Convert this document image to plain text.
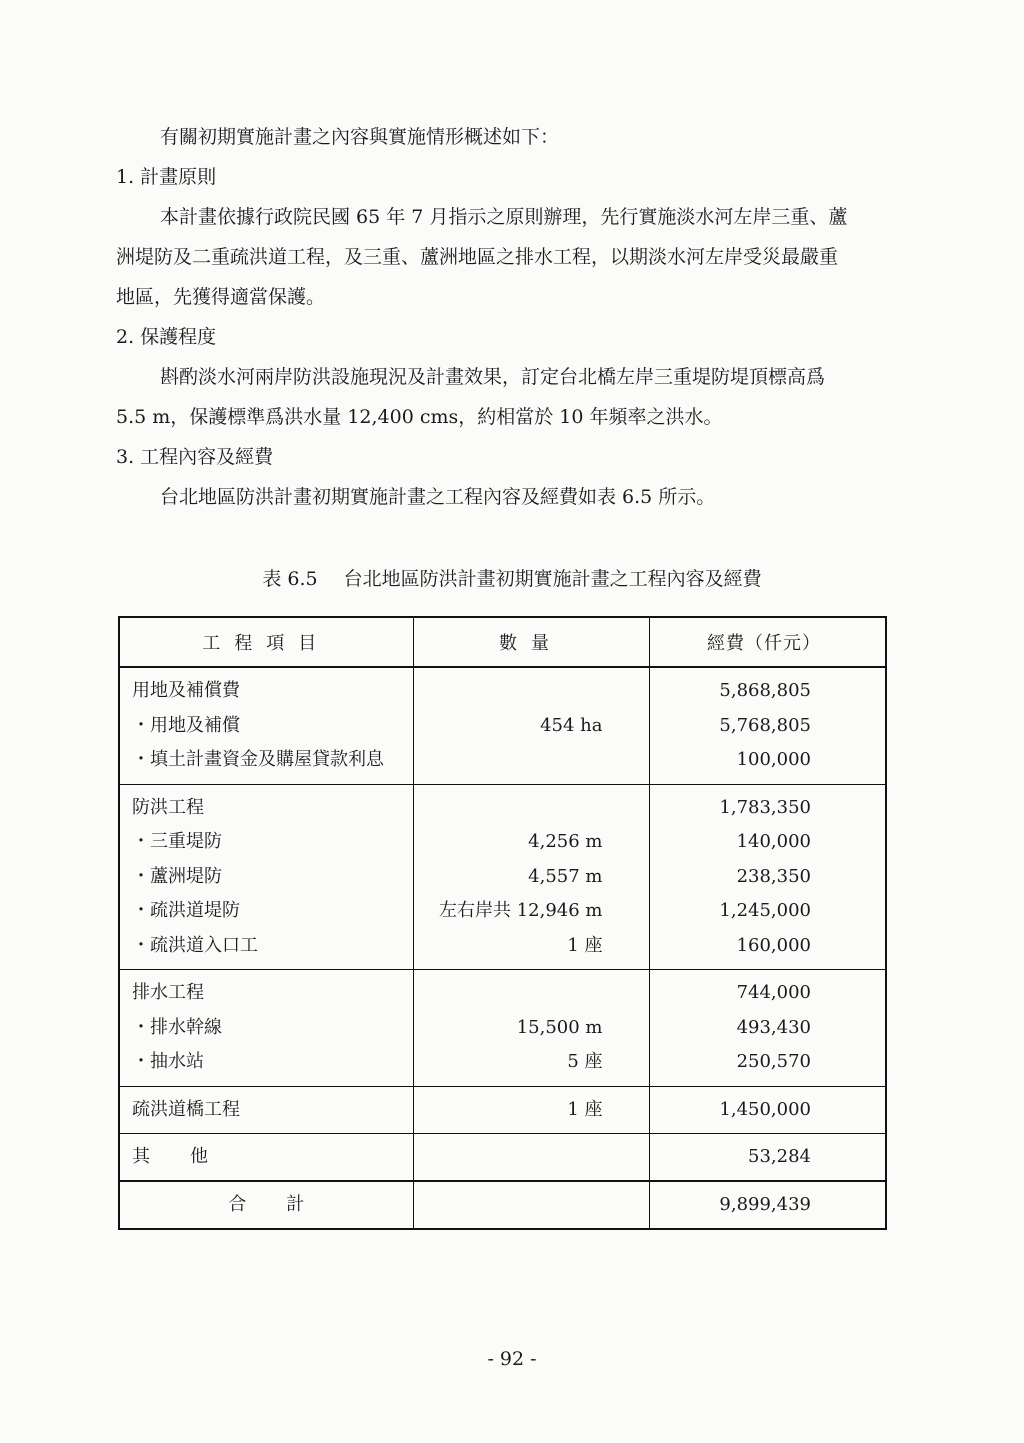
有關初期實施計畫之內容與實施情形概述如下：
1. 計畫原則
本計畫依據行政院民國 65 年 7 月指示之原則辦理，先行實施淡水河左岸三重、蘆
洲堤防及二重疏洪道工程，及三重、蘆洲地區之排水工程，以期淡水河左岸受災最嚴重
地區，先獲得適當保護。
2. 保護程度
斟酌淡水河兩岸防洪設施現況及計畫效果，訂定台北橋左岸三重堤防堤頂標高爲
5.5 m，保護標準爲洪水量 12,400 cms，約相當於 10 年頻率之洪水。
3. 工程內容及經費
台北地區防洪計畫初期實施計畫之工程內容及經費如表 6.5 所示。
表 6.5 台北地區防洪計畫初期實施計畫之工程內容及經費
工程項目	數量	經費（仟元）
用地及補償費		5,868,805
・用地及補償	454 ha	5,768,805
・填土計畫資金及購屋貸款利息		100,000
防洪工程		1,783,350
・三重堤防	4,256 m	140,000
・蘆洲堤防	4,557 m	238,350
・疏洪道堤防	左右岸共 12,946 m	1,245,000
・疏洪道入口工	1 座	160,000
排水工程		744,000
・排水幹線	15,500 m	493,430
・抽水站	5 座	250,570
疏洪道橋工程	1 座	1,450,000
其他		53,284
合計		9,899,439
- 92 -
